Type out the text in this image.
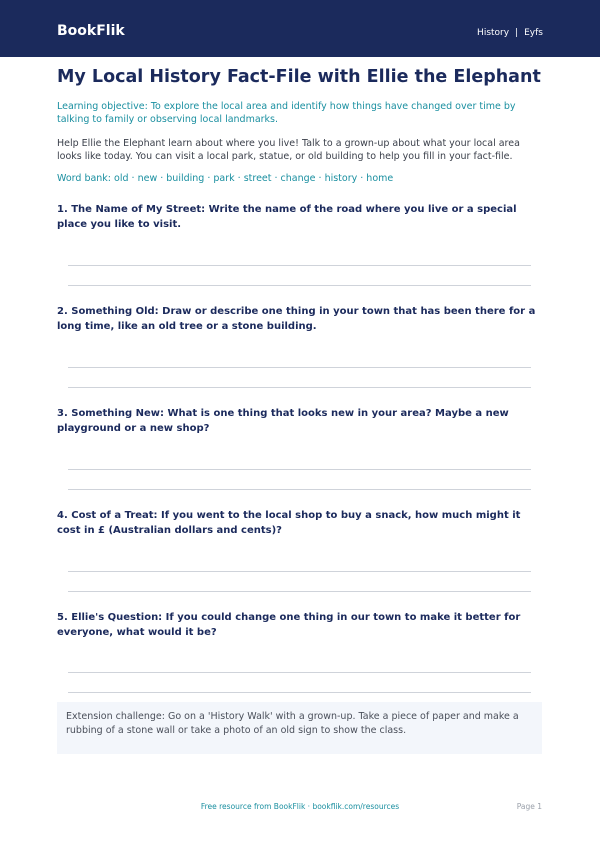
BookFlik	History | Eyfs
My Local History Fact-File with Ellie the Elephant

Learning objective: To explore the local area and identify how things have changed over time by talking to family or observing local landmarks.

Help Ellie the Elephant learn about where you live! Talk to a grown-up about what your local area looks like today. You can visit a local park, statue, or old building to help you fill in your fact-file.

Word bank: old · new · building · park · street · change · history · home

1. The Name of My Street: Write the name of the road where you live or a special place you like to visit.
2. Something Old: Draw or describe one thing in your town that has been there for a long time, like an old tree or a stone building.
3. Something New: What is one thing that looks new in your area? Maybe a new playground or a new shop?
4. Cost of a Treat: If you went to the local shop to buy a snack, how much might it cost in £ (Australian dollars and cents)?
5. Ellie's Question: If you could change one thing in our town to make it better for everyone, what would it be?
Extension challenge: Go on a 'History Walk' with a grown-up. Take a piece of paper and make a rubbing of a stone wall or take a photo of an old sign to show the class.
Free resource from BookFlik · bookflik.com/resources	Page 1
